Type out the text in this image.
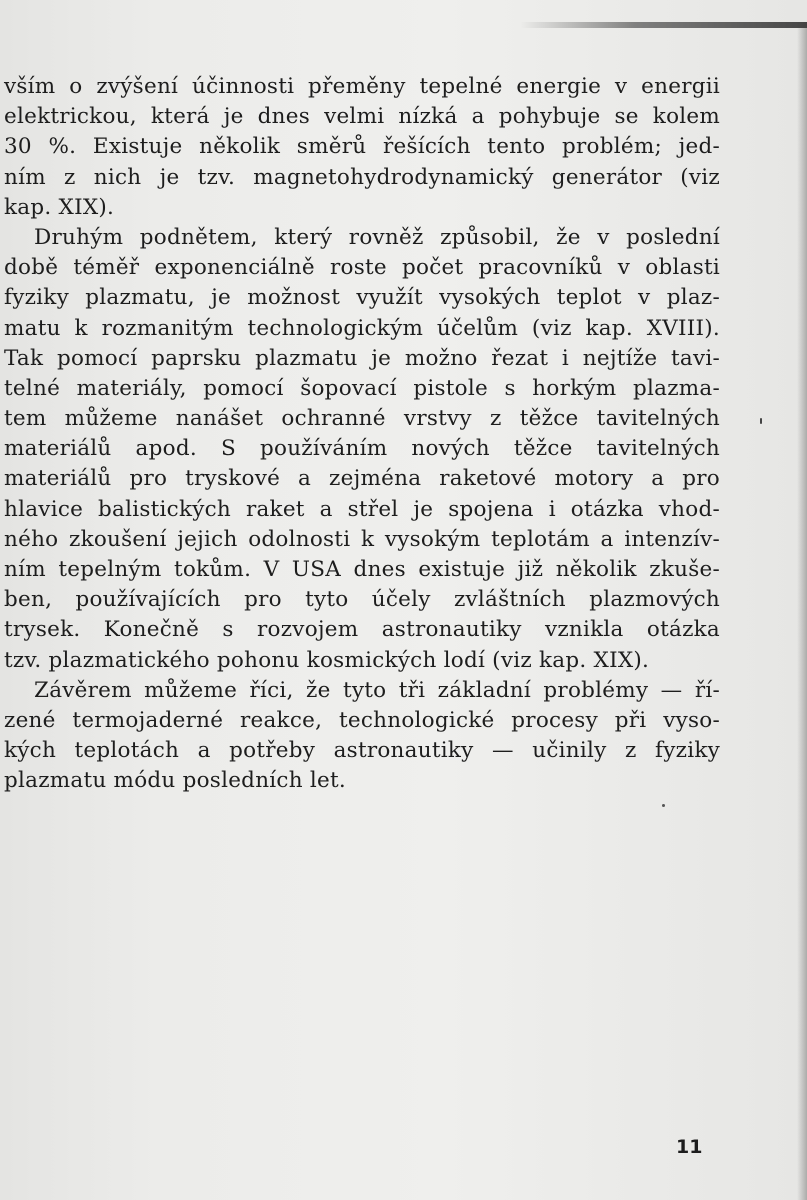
vším o zvýšení účinnosti přeměny tepelné energie v energii
elektrickou, která je dnes velmi nízká a pohybuje se kolem
30 %. Existuje několik směrů řešících tento problém; jed-
ním z nich je tzv. magnetohydrodynamický generátor (viz
kap. XIX).
Druhým podnětem, který rovněž způsobil, že v poslední
době téměř exponenciálně roste počet pracovníků v oblasti
fyziky plazmatu, je možnost využít vysokých teplot v plaz-
matu k rozmanitým technologickým účelům (viz kap. XVIII).
Tak pomocí paprsku plazmatu je možno řezat i nejtíže tavi-
telné materiály, pomocí šopovací pistole s horkým plazma-
tem můžeme nanášet ochranné vrstvy z těžce tavitelných
materiálů apod. S používáním nových těžce tavitelných
materiálů pro tryskové a zejména raketové motory a pro
hlavice balistických raket a střel je spojena i otázka vhod-
ného zkoušení jejich odolnosti k vysokým teplotám a intenzív-
ním tepelným tokům. V USA dnes existuje již několik zkuše-
ben, používajících pro tyto účely zvláštních plazmových
trysek. Konečně s rozvojem astronautiky vznikla otázka
tzv. plazmatického pohonu kosmických lodí (viz kap. XIX).
Závěrem můžeme říci, že tyto tři základní problémy — ří-
zené termojaderné reakce, technologické procesy při vyso-
kých teplotách a potřeby astronautiky — učinily z fyziky
plazmatu módu posledních let.
11
